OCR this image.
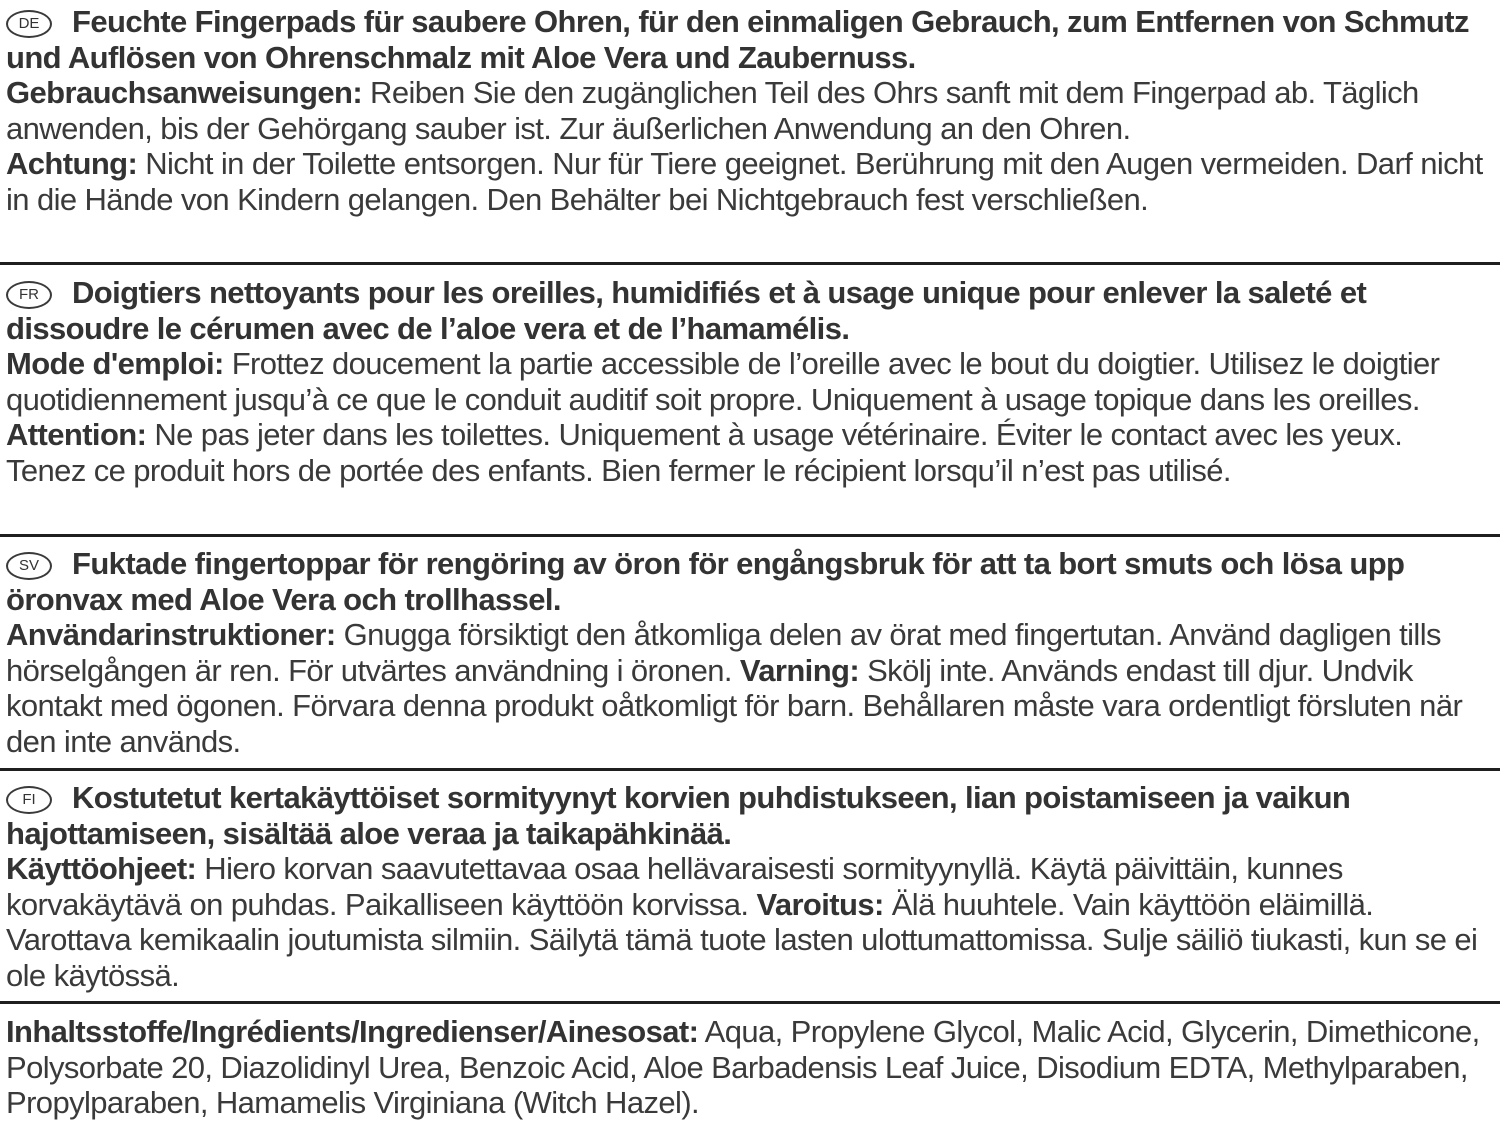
DE Feuchte Fingerpads für saubere Ohren, für den einmaligen Gebrauch, zum Entfernen von Schmutz und Auflösen von Ohrenschmalz mit Aloe Vera und Zaubernuss.

Gebrauchsanweisungen: Reiben Sie den zugänglichen Teil des Ohrs sanft mit dem Fingerpad ab. Täglich anwenden, bis der Gehörgang sauber ist. Zur äußerlichen Anwendung an den Ohren.

Achtung: Nicht in der Toilette entsorgen. Nur für Tiere geeignet. Berührung mit den Augen vermeiden. Darf nicht in die Hände von Kindern gelangen. Den Behälter bei Nichtgebrauch fest verschließen.

FR Doigtiers nettoyants pour les oreilles, humidifiés et à usage unique pour enlever la saleté et dissoudre le cérumen avec de l’aloe vera et de l’hamamélis.

Mode d'emploi: Frottez doucement la partie accessible de l’oreille avec le bout du doigtier. Utilisez le doigtier quotidiennement jusqu’à ce que le conduit auditif soit propre. Uniquement à usage topique dans les oreilles. Attention: Ne pas jeter dans les toilettes. Uniquement à usage vétérinaire. Éviter le contact avec les yeux. Tenez ce produit hors de portée des enfants. Bien fermer le récipient lorsqu’il n’est pas utilisé.

SV Fuktade fingertoppar för rengöring av öron för engångsbruk för att ta bort smuts och lösa upp öronvax med Aloe Vera och trollhassel.

Användarinstruktioner: Gnugga försiktigt den åtkomliga delen av örat med fingertutan. Använd dagligen tills hörselgången är ren. För utvärtes användning i öronen. Varning: Skölj inte. Används endast till djur. Undvik kontakt med ögonen. Förvara denna produkt oåtkomligt för barn. Behållaren måste vara ordentligt försluten när den inte används.

FI Kostutetut kertakäyttöiset sormityynyt korvien puhdistukseen, lian poistamiseen ja vaikun hajottamiseen, sisältää aloe veraa ja taikapähkinää.

Käyttöohjeet: Hiero korvan saavutettavaa osaa hellävaraisesti sormityynyllä. Käytä päivittäin, kunnes korvakäytävä on puhdas. Paikalliseen käyttöön korvissa. Varoitus: Älä huuhtele. Vain käyttöön eläimillä. Varottava kemikaalin joutumista silmiin. Säilytä tämä tuote lasten ulottumattomissa. Sulje säiliö tiukasti, kun se ei ole käytössä.

Inhaltsstoffe/Ingrédients/Ingredienser/Ainesosat: Aqua, Propylene Glycol, Malic Acid, Glycerin, Dimethicone, Polysorbate 20, Diazolidinyl Urea, Benzoic Acid, Aloe Barbadensis Leaf Juice, Disodium EDTA, Methylparaben, Propylparaben, Hamamelis Virginiana (Witch Hazel).
